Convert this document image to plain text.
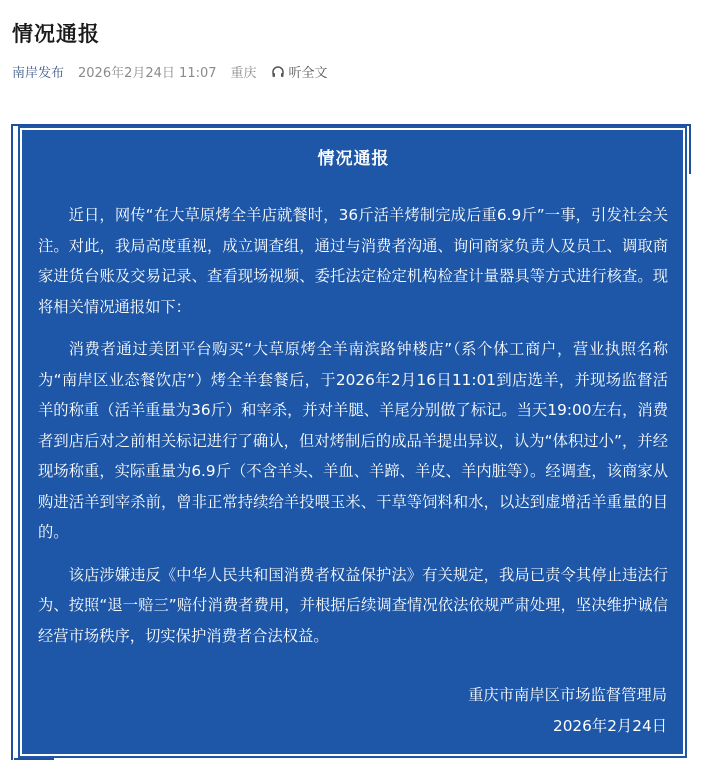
情况通报
南岸发布 2026年2月24日 11:07 重庆 听全文
情况通报

近日，网传“在大草原烤全羊店就餐时，36斤活羊烤制完成后重6.9斤”一事，引发社会关注。对此，我局高度重视，成立调查组，通过与消费者沟通、询问商家负责人及员工、调取商家进货台账及交易记录、查看现场视频、委托法定检定机构检查计量器具等方式进行核查。现将相关情况通报如下：

消费者通过美团平台购买“大草原烤全羊南滨路钟楼店”（系个体工商户，营业执照名称为“南岸区业态餐饮店”）烤全羊套餐后，于2026年2月16日11:01到店选羊，并现场监督活羊的称重（活羊重量为36斤）和宰杀，并对羊腿、羊尾分别做了标记。当天19:00左右，消费者到店后对之前相关标记进行了确认，但对烤制后的成品羊提出异议，认为“体积过小”，并经现场称重，实际重量为6.9斤（不含羊头、羊血、羊蹄、羊皮、羊内脏等）。经调查，该商家从购进活羊到宰杀前，曾非正常持续给羊投喂玉米、干草等饲料和水，以达到虚增活羊重量的目的。

该店涉嫌违反《中华人民共和国消费者权益保护法》有关规定，我局已责令其停止违法行为、按照“退一赔三”赔付消费者费用，并根据后续调查情况依法依规严肃处理，坚决维护诚信经营市场秩序，切实保护消费者合法权益。

重庆市南岸区市场监督管理局
2026年2月24日
